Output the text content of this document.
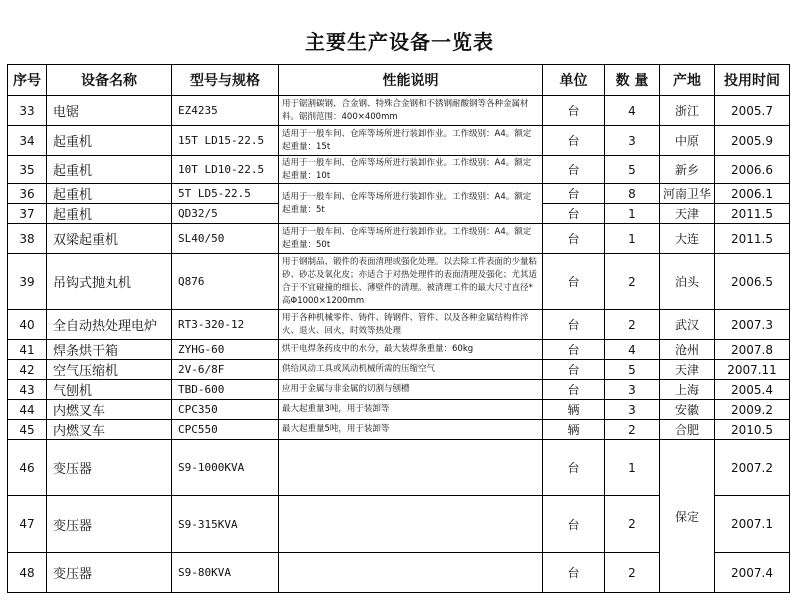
主要生产设备一览表
序号	设备名称	型号与规格	性能说明	单位	数 量	产地	投用时间
33	电锯	EZ4235	用于锯割碳钢、合金钢、特殊合金钢和不锈钢耐酸钢等各种金属材料。锯削范围：400×400mm	台	4	浙江	2005.7
34	起重机	15T LD15-22.5	适用于一般车间、仓库等场所进行装卸作业。工作级别：A4。额定起重量：15t	台	3	中原	2005.9
35	起重机	10T LD10-22.5	适用于一般车间、仓库等场所进行装卸作业。工作级别：A4。额定起重量：10t	台	5	新乡	2006.6
36	起重机	5T LD5-22.5	适用于一般车间、仓库等场所进行装卸作业。工作级别：A4。额定起重量：5t	台	8	河南卫华	2006.1
37	起重机	QD32/5		台	1	天津	2011.5
38	双梁起重机	SL40/50	适用于一般车间、仓库等场所进行装卸作业。工作级别：A4。额定起重量：50t	台	1	大连	2011.5
39	吊钩式抛丸机	Q876	用于钢制品、锻件的表面清理或强化处理。以去除工件表面的少量粘砂、砂芯及氧化皮；亦适合于对热处理件的表面清理及强化；尤其适合于不宜碰撞的细长、薄壁件的清理。被清理工件的最大尺寸直径*高Φ1000×1200mm	台	2	泊头	2006.5
40	全自动热处理电炉	RT3-320-12	用于各种机械零件、铸件、铸钢件、管件、以及各种金属结构件淬火、退火、回火，时效等热处理	台	2	武汉	2007.3
41	焊条烘干箱	ZYHG-60	烘干电焊条药皮中的水分，最大装焊条重量：60kg	台	4	沧州	2007.8
42	空气压缩机	2V-6/8F	供给风动工具或风动机械所需的压缩空气	台	5	天津	2007.11
43	气刨机	TBD-600	应用于金属与非金属的切割与刨槽	台	3	上海	2005.4
44	内燃叉车	CPC350	最大起重量3吨，用于装卸等	辆	3	安徽	2009.2
45	内燃叉车	CPC550	最大起重量5吨，用于装卸等	辆	2	合肥	2010.5
46	变压器	S9-1000KVA		台	1	保定	2007.2
47	变压器	S9-315KVA		台	2		2007.1
48	变压器	S9-80KVA		台	2		2007.4
